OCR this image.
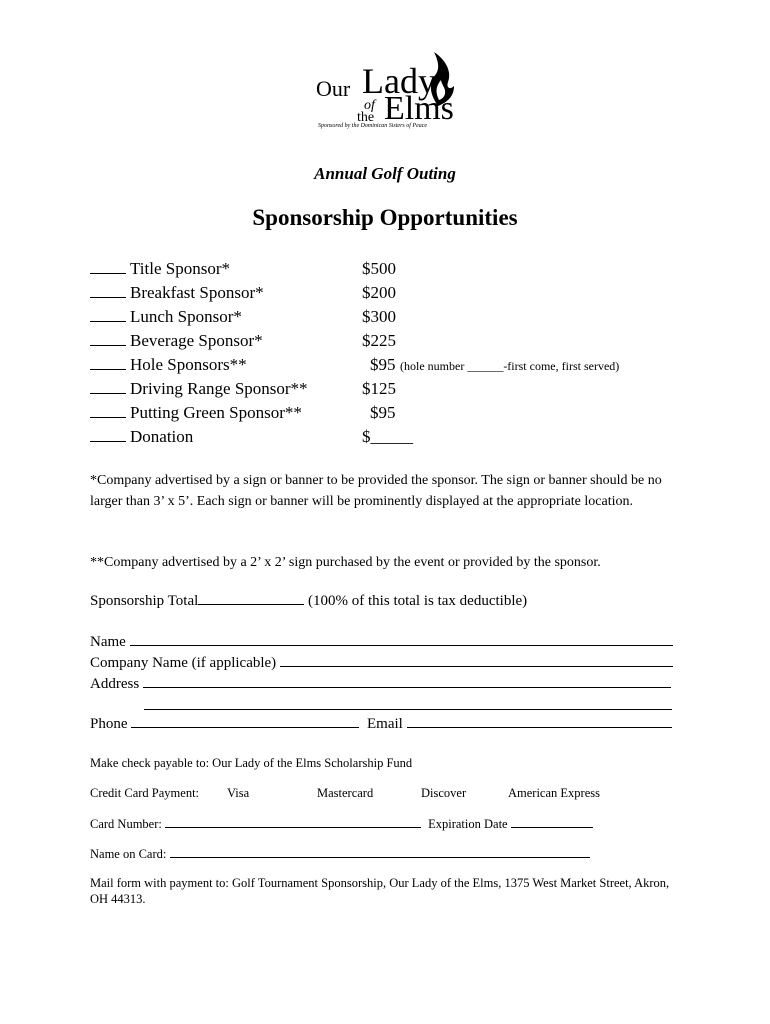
Our Lady
of
the Elms
Sponsored by the Dominican Sisters of Peace
Annual Golf Outing
Sponsorship Opportunities
Title Sponsor*	$500
Breakfast Sponsor*	$200
Lunch Sponsor*	$300
Beverage Sponsor*	$225
Hole Sponsors**	$95 (hole number ______-first come, first served)
Driving Range Sponsor**	$125
Putting Green Sponsor**	$95
Donation	$_____
*Company advertised by a sign or banner to be provided the sponsor. The sign or banner should be no larger than 3’ x 5’. Each sign or banner will be prominently displayed at the appropriate location.
**Company advertised by a 2’ x 2’ sign purchased by the event or provided by the sponsor.
Sponsorship Total	(100% of this total is tax deductible)
Name
Company Name (if applicable)
Address
Phone	Email
Make check payable to: Our Lady of the Elms Scholarship Fund
Credit Card Payment: Visa	Mastercard	Discover	American Express
Card Number:	Expiration Date
Name on Card:
Mail form with payment to: Golf Tournament Sponsorship, Our Lady of the Elms, 1375 West Market Street, Akron, OH 44313.
